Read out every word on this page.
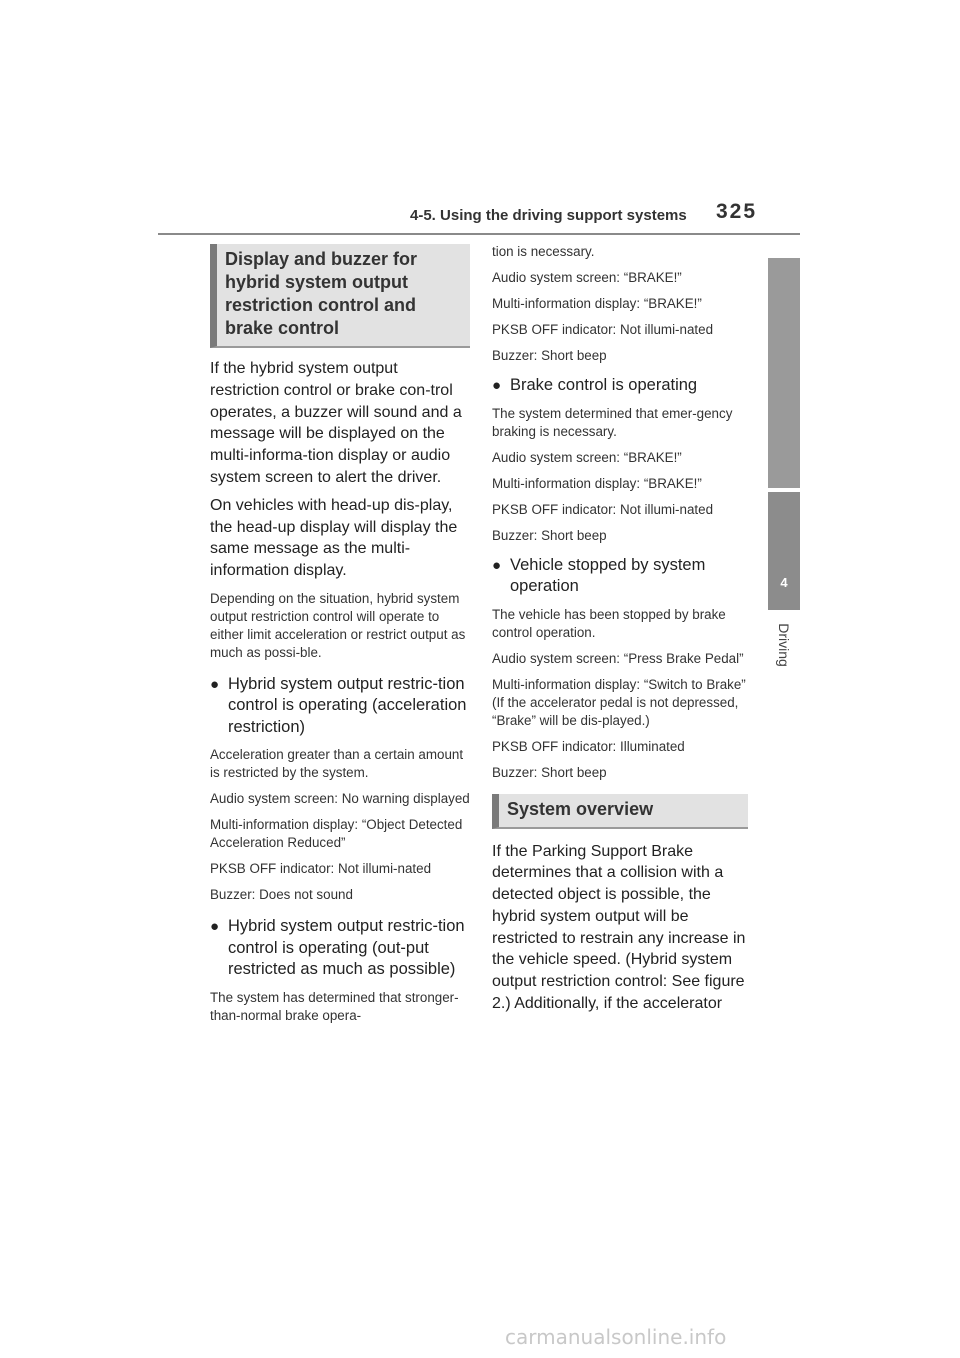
4-5. Using the driving support systems 325
4
Driving
Display and buzzer for hybrid system output restriction control and brake control
If the hybrid system output restriction control or brake con-trol operates, a buzzer will sound and a message will be displayed on the multi-informa-tion display or audio system screen to alert the driver.
On vehicles with head-up dis-play, the head-up display will display the same message as the multi-information display.
Depending on the situation, hybrid system output restriction control will operate to either limit acceleration or restrict output as much as possi-ble.
● Hybrid system output restric-tion control is operating (acceleration restriction)
Acceleration greater than a certain amount is restricted by the system.
Audio system screen: No warning displayed
Multi-information display: “Object Detected Acceleration Reduced”
PKSB OFF indicator: Not illumi-nated
Buzzer: Does not sound
● Hybrid system output restric-tion control is operating (out-put restricted as much as possible)
The system has determined that stronger-than-normal brake opera-
tion is necessary.
Audio system screen: “BRAKE!”
Multi-information display: “BRAKE!”
PKSB OFF indicator: Not illumi-nated
Buzzer: Short beep
● Brake control is operating
The system determined that emer-gency braking is necessary.
Audio system screen: “BRAKE!”
Multi-information display: “BRAKE!”
PKSB OFF indicator: Not illumi-nated
Buzzer: Short beep
● Vehicle stopped by system operation
The vehicle has been stopped by brake control operation.
Audio system screen: “Press Brake Pedal”
Multi-information display: “Switch to Brake” (If the accelerator pedal is not depressed, “Brake” will be dis-played.)
PKSB OFF indicator: Illuminated
Buzzer: Short beep
System overview
If the Parking Support Brake determines that a collision with a detected object is possible, the hybrid system output will be restricted to restrain any increase in the vehicle speed. (Hybrid system output restriction control: See figure 2.) Additionally, if the accelerator
carmanualsonline.info
